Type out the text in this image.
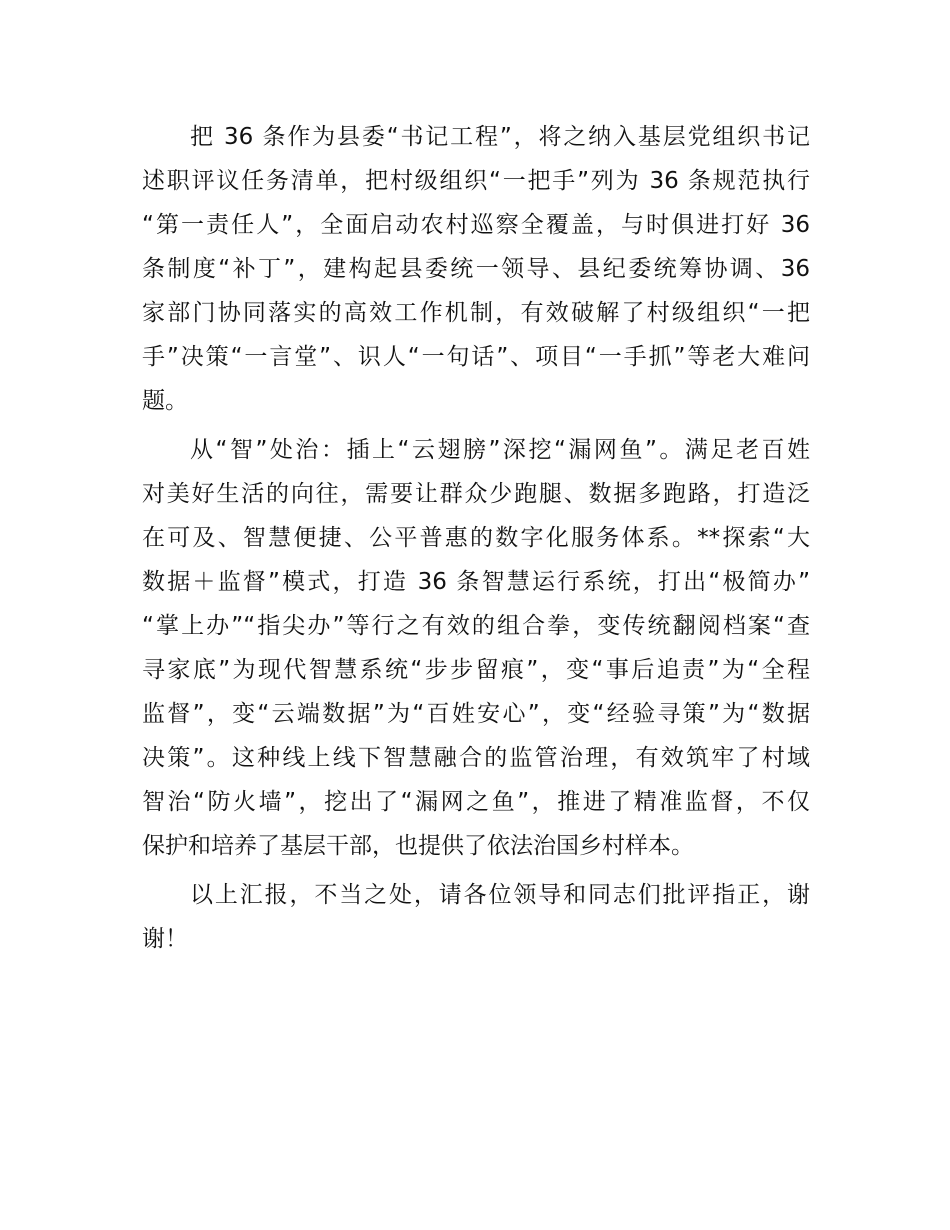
把 36 条作为县委“书记工程”，将之纳入基层党组织书记
述职评议任务清单，把村级组织“一把手”列为 36 条规范执行
“第一责任人”，全面启动农村巡察全覆盖，与时俱进打好 36
条制度“补丁”，建构起县委统一领导、县纪委统筹协调、36
家部门协同落实的高效工作机制，有效破解了村级组织“一把
手”决策“一言堂”、识人“一句话”、项目“一手抓”等老大难问
题。

从“智”处治：插上“云翅膀”深挖“漏网鱼”。满足老百姓
对美好生活的向往，需要让群众少跑腿、数据多跑路，打造泛
在可及、智慧便捷、公平普惠的数字化服务体系。**探索“大
数据＋监督”模式，打造 36 条智慧运行系统，打出“极简办”
“掌上办”“指尖办”等行之有效的组合拳，变传统翻阅档案“查
寻家底”为现代智慧系统“步步留痕”，变“事后追责”为“全程
监督”，变“云端数据”为“百姓安心”，变“经验寻策”为“数据
决策”。这种线上线下智慧融合的监管治理，有效筑牢了村域
智治“防火墙”，挖出了“漏网之鱼”，推进了精准监督，不仅
保护和培养了基层干部，也提供了依法治国乡村样本。

以上汇报，不当之处，请各位领导和同志们批评指正，谢
谢！
